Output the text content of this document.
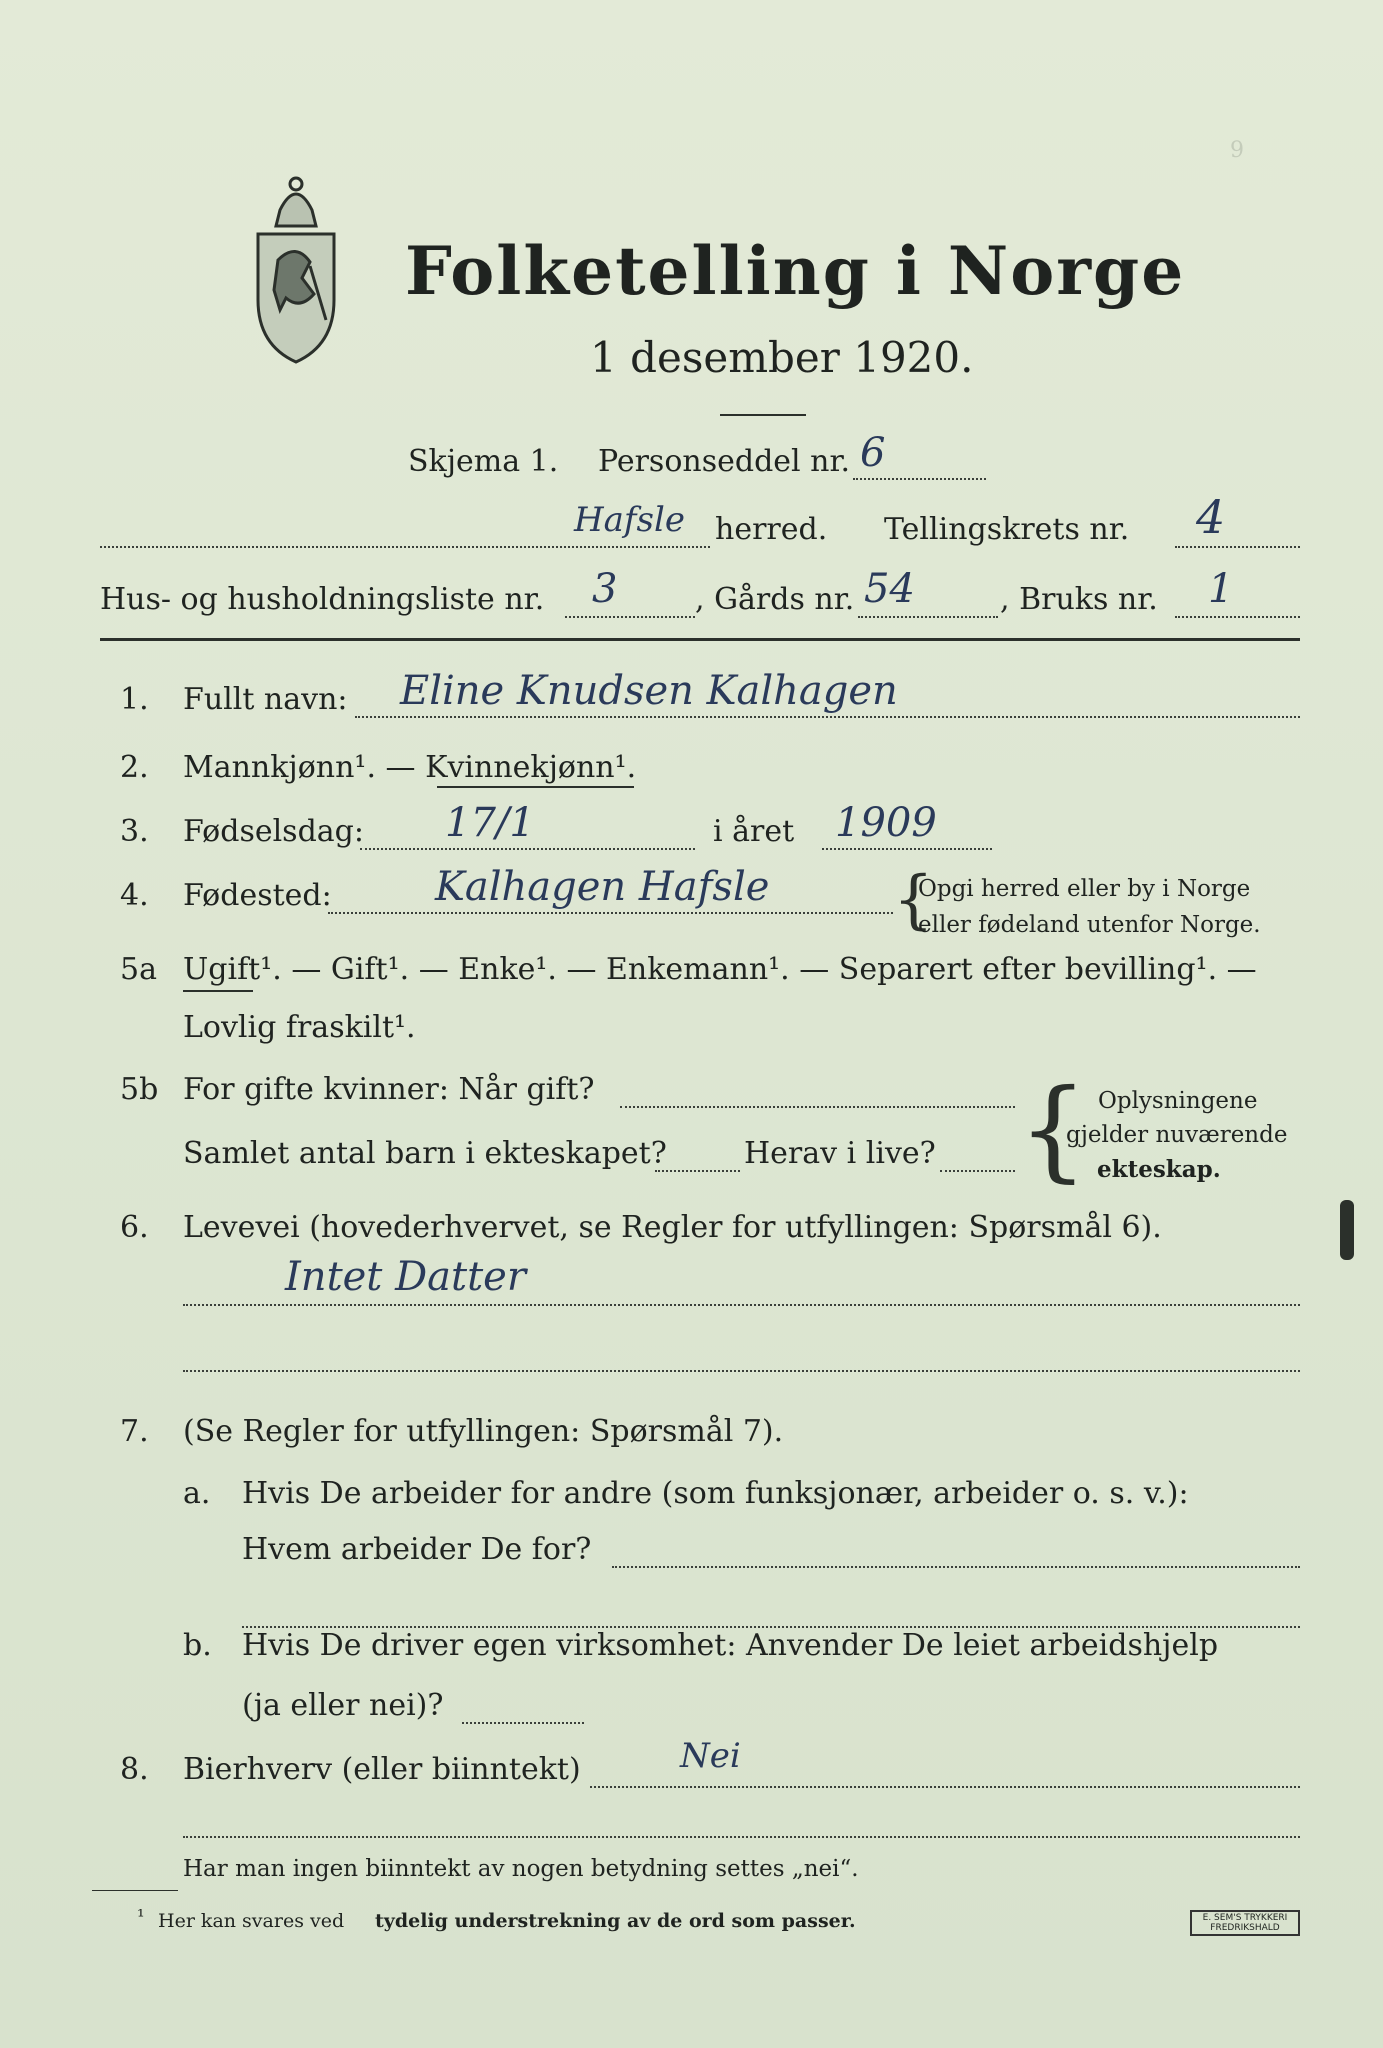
9
Folketelling i Norge
1 desember 1920.
Skjema 1. Personseddel nr. 6
Hafsle herred. Tellingskrets nr. 4
Hus- og husholdningsliste nr. 3	, Gårds nr. 54	, Bruks nr. 1
1. Fullt navn: Eline Knudsen Kalhagen
2. Mannkjønn¹. — Kvinnekjønn¹.
3. Fødselsdag: 17/1	i året 1909
4. Fødested:	Kalhagen Hafsle {
Opgi herred eller by i Norge
eller fødeland utenfor Norge.
5a Ugift¹. — Gift¹. — Enke¹. — Enkemann¹. — Separert efter bevilling¹. —
Lovlig fraskilt¹.
5b For gifte kvinner: Når gift?
Samlet antal barn i ekteskapet?	Herav i live? { Oplysningene
gjelder nuværende
ekteskap.
6. Levevei (hovederhvervet, se Regler for utfyllingen: Spørsmål 6).
Intet Datter
7. (Se Regler for utfyllingen: Spørsmål 7).
a. Hvis De arbeider for andre (som funksjonær, arbeider o. s. v.):
Hvem arbeider De for?
b. Hvis De driver egen virksomhet: Anvender De leiet arbeidshjelp
(ja eller nei)?
8. Bierhverv (eller biinntekt)	Nei
Har man ingen biinntekt av nogen betydning settes „nei“.
¹ Her kan svares ved tydelig understrekning av de ord som passer.	E. SEM'S TRYKKERI
FREDRIKSHALD
